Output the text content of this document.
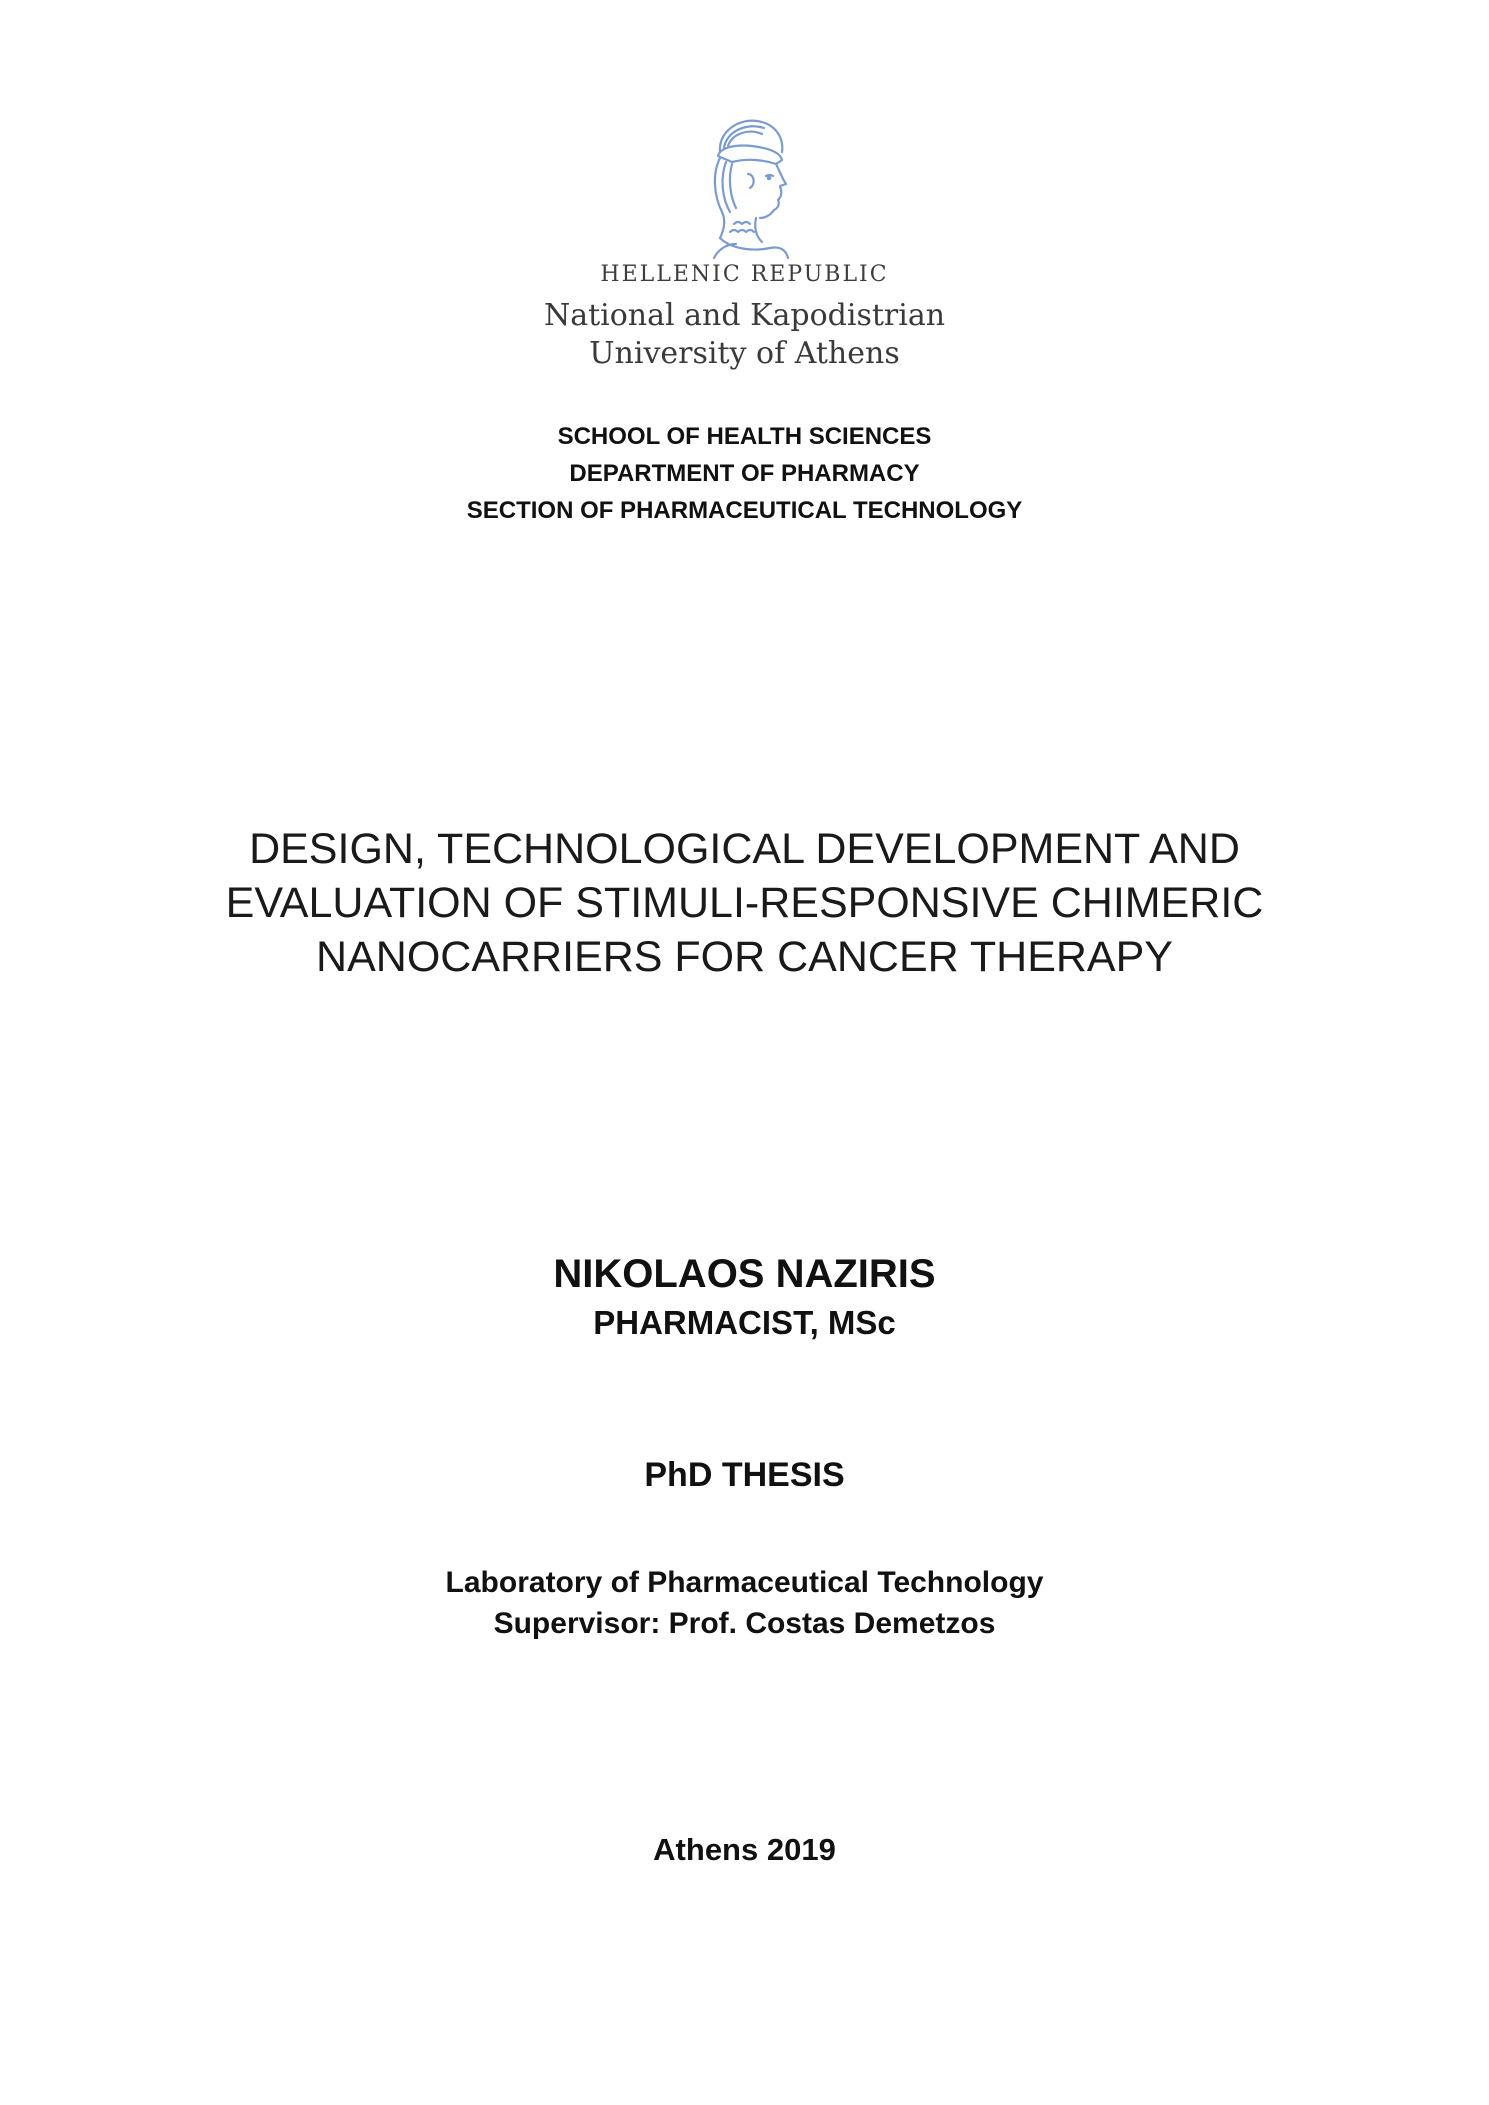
HELLENIC REPUBLIC
National and Kapodistrian
University of Athens
SCHOOL OF HEALTH SCIENCES
DEPARTMENT OF PHARMACY
SECTION OF PHARMACEUTICAL TECHNOLOGY
DESIGN, TECHNOLOGICAL DEVELOPMENT AND
EVALUATION OF STIMULI-RESPONSIVE CHIMERIC
NANOCARRIERS FOR CANCER THERAPY
NIKOLAOS NAZIRIS
PHARMACIST, MSc
PhD THESIS
Laboratory of Pharmaceutical Technology
Supervisor: Prof. Costas Demetzos
Athens 2019
